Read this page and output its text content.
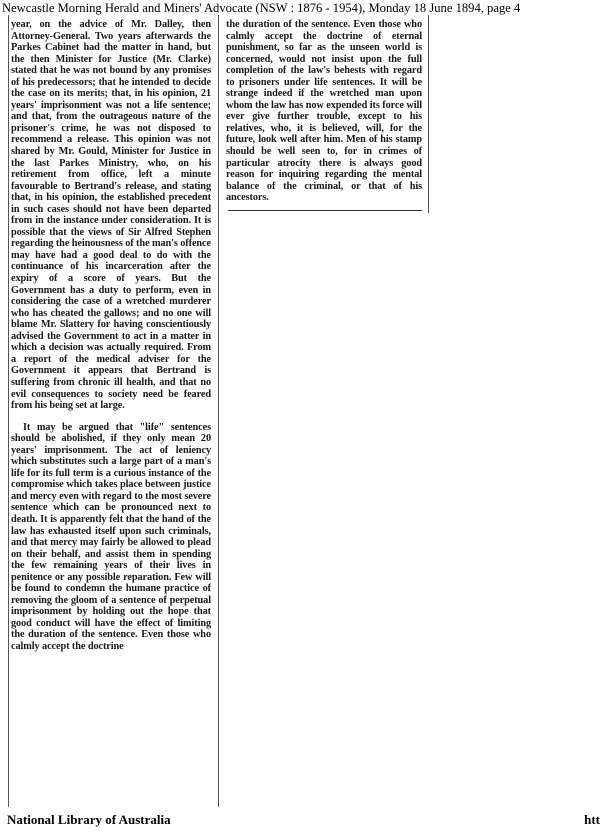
Newcastle Morning Herald and Miners' Advocate (NSW : 1876 - 1954), Monday 18 June 1894, page 4

year, on the advice of Mr. Dalley, then Attorney-General. Two years afterwards the Parkes Cabinet had the matter in hand, but the then Minister for Justice (Mr. Clarke) stated that he was not bound by any promises of his predecessors; that he intended to decide the case on its merits; that, in his opinion, 21 years' imprisonment was not a life sentence; and that, from the outrageous nature of the prisoner's crime, he was not disposed to recommend a release. This opinion was not shared by Mr. Gould, Minister for Justice in the last Parkes Ministry, who, on his retirement from office, left a minute favourable to Bertrand's release, and stating that, in his opinion, the established precedent in such cases should not have been departed from in the instance under consideration. It is possible that the views of Sir Alfred Stephen regarding the heinousness of the man's offence may have had a good deal to do with the continuance of his incarceration after the expiry of a score of years. But the Government has a duty to perform, even in considering the case of a wretched murderer who has cheated the gallows; and no one will blame Mr. Slattery for having conscientiously advised the Government to act in a matter in which a decision was actually required. From a report of the medical adviser for the Government it appears that Bertrand is suffering from chronic ill health, and that no evil consequences to society need be feared from his being set at large.

It may be argued that "life" sentences should be abolished, if they only mean 20 years' imprisonment. The act of leniency which substitutes such a large part of a man's life for its full term is a curious instance of the compromise which takes place between justice and mercy even with regard to the most severe sentence which can be pronounced next to death. It is apparently felt that the hand of the law has exhausted itself upon such criminals, and that mercy may fairly be allowed to plead on their behalf, and assist them in spending the few remaining years of their lives in penitence or any possible reparation. Few will be found to condemn the humane practice of removing the gloom of a sentence of perpetual imprisonment by holding out the hope that good conduct will have the effect of limiting the duration of the sentence. Even those who calmly accept the doctrine

the duration of the sentence. Even those who calmly accept the doctrine of eternal punishment, so far as the unseen world is concerned, would not insist upon the full completion of the law's behests with regard to prisoners under life sentences. It will be strange indeed if the wretched man upon whom the law has now expended its force will ever give further trouble, except to his relatives, who, it is believed, will, for the future, look well after him. Men of his stamp should be well seen to, for in crimes of particular atrocity there is always good reason for inquiring regarding the mental balance of the criminal, or that of his ancestors.

National Library of Australia	htt
